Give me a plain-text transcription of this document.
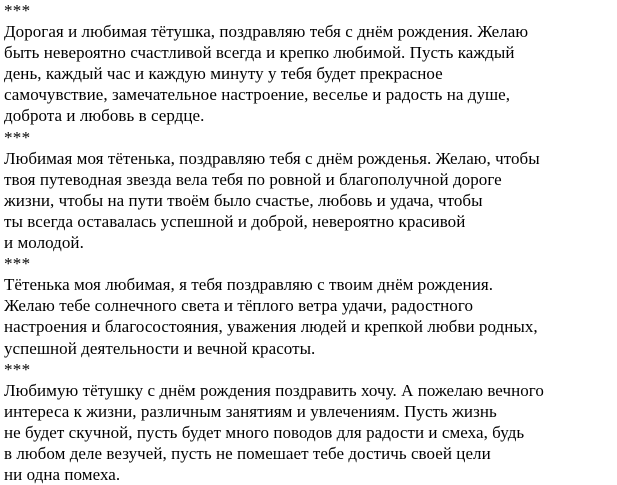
***
Дорогая и любимая тётушка, поздравляю тебя с днём рождения. Желаю
быть невероятно счастливой всегда и крепко любимой. Пусть каждый
день, каждый час и каждую минуту у тебя будет прекрасное
самочувствие, замечательное настроение, веселье и радость на душе,
доброта и любовь в сердце.
***
Любимая моя тётенька, поздравляю тебя с днём рожденья. Желаю, чтобы
твоя путеводная звезда вела тебя по ровной и благополучной дороге
жизни, чтобы на пути твоём было счастье, любовь и удача, чтобы
ты всегда оставалась успешной и доброй, невероятно красивой
и молодой.
***
Тётенька моя любимая, я тебя поздравляю с твоим днём рождения.
Желаю тебе солнечного света и тёплого ветра удачи, радостного
настроения и благосостояния, уважения людей и крепкой любви родных,
успешной деятельности и вечной красоты.
***
Любимую тётушку с днём рождения поздравить хочу. А пожелаю вечного
интереса к жизни, различным занятиям и увлечениям. Пусть жизнь
не будет скучной, пусть будет много поводов для радости и смеха, будь
в любом деле везучей, пусть не помешает тебе достичь своей цели
ни одна помеха.
